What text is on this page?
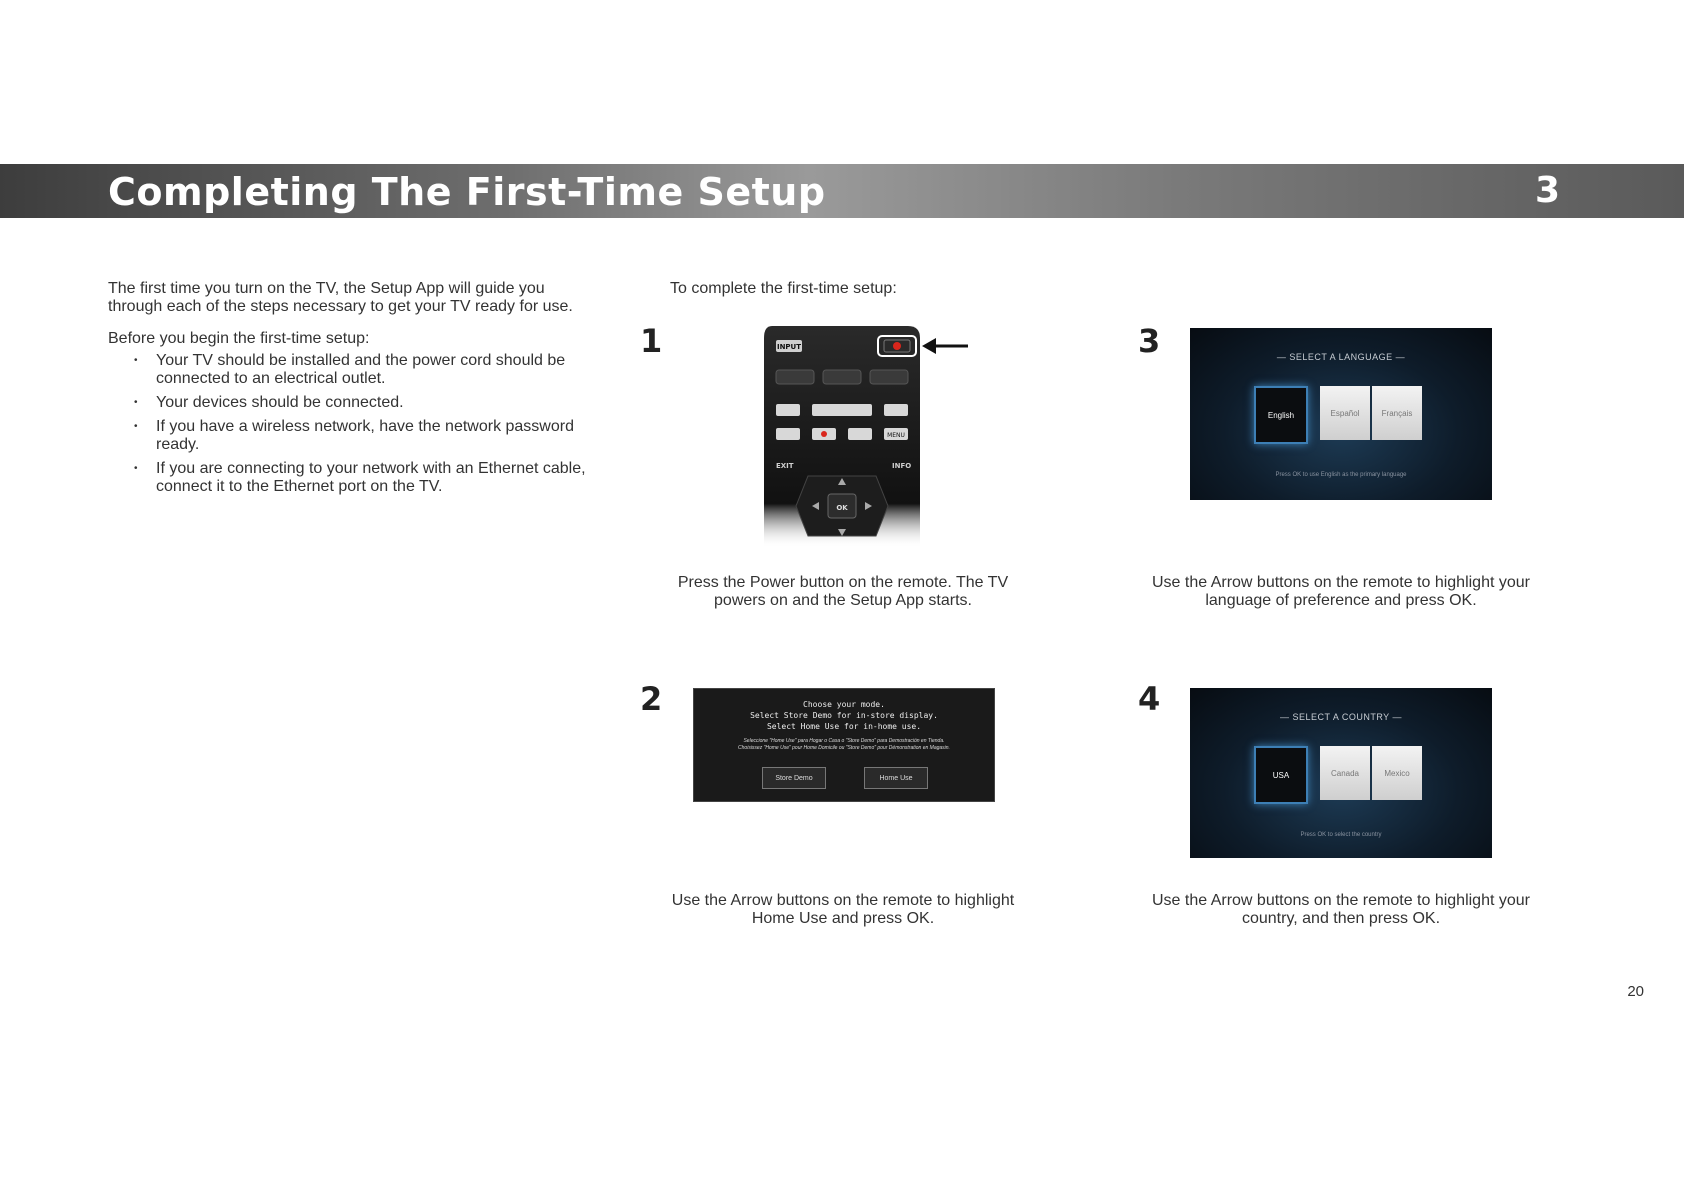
Completing The First-Time Setup	3

The first time you turn on the TV, the Setup App will guide you through each of the steps necessary to get your TV ready for use.

Before you begin the first-time setup:

• Your TV should be installed and the power cord should be connected to an electrical outlet.
• Your devices should be connected.
• If you have a wireless network, have the network password ready.
• If you are connecting to your network with an Ethernet cable, connect it to the Ethernet port on the TV.
To complete the first-time setup:
1	INPUT
MENU
EXIT	INFO
OK
Press the Power button on the remote. The TV powers on and the Setup App starts.
2	Choose your mode.
Select Store Demo for in-store display.
Select Home Use for in-home use.
Seleccione "Home Use" para Hogar o Casa o "Store Demo" para Demostración en Tienda.
Choisissez "Home Use" pour Home Domicile ou "Store Demo" pour Démonstration en Magasin.
Store Demo	Home Use
Use the Arrow buttons on the remote to highlight Home Use and press OK.
3	— SELECT A LANGUAGE —
English	Español	Français
Press OK to use English as the primary language
Use the Arrow buttons on the remote to highlight your language of preference and press OK.
4	— SELECT A COUNTRY —
USA	Canada	Mexico
Press OK to select the country
Use the Arrow buttons on the remote to highlight your country, and then press OK.
20
